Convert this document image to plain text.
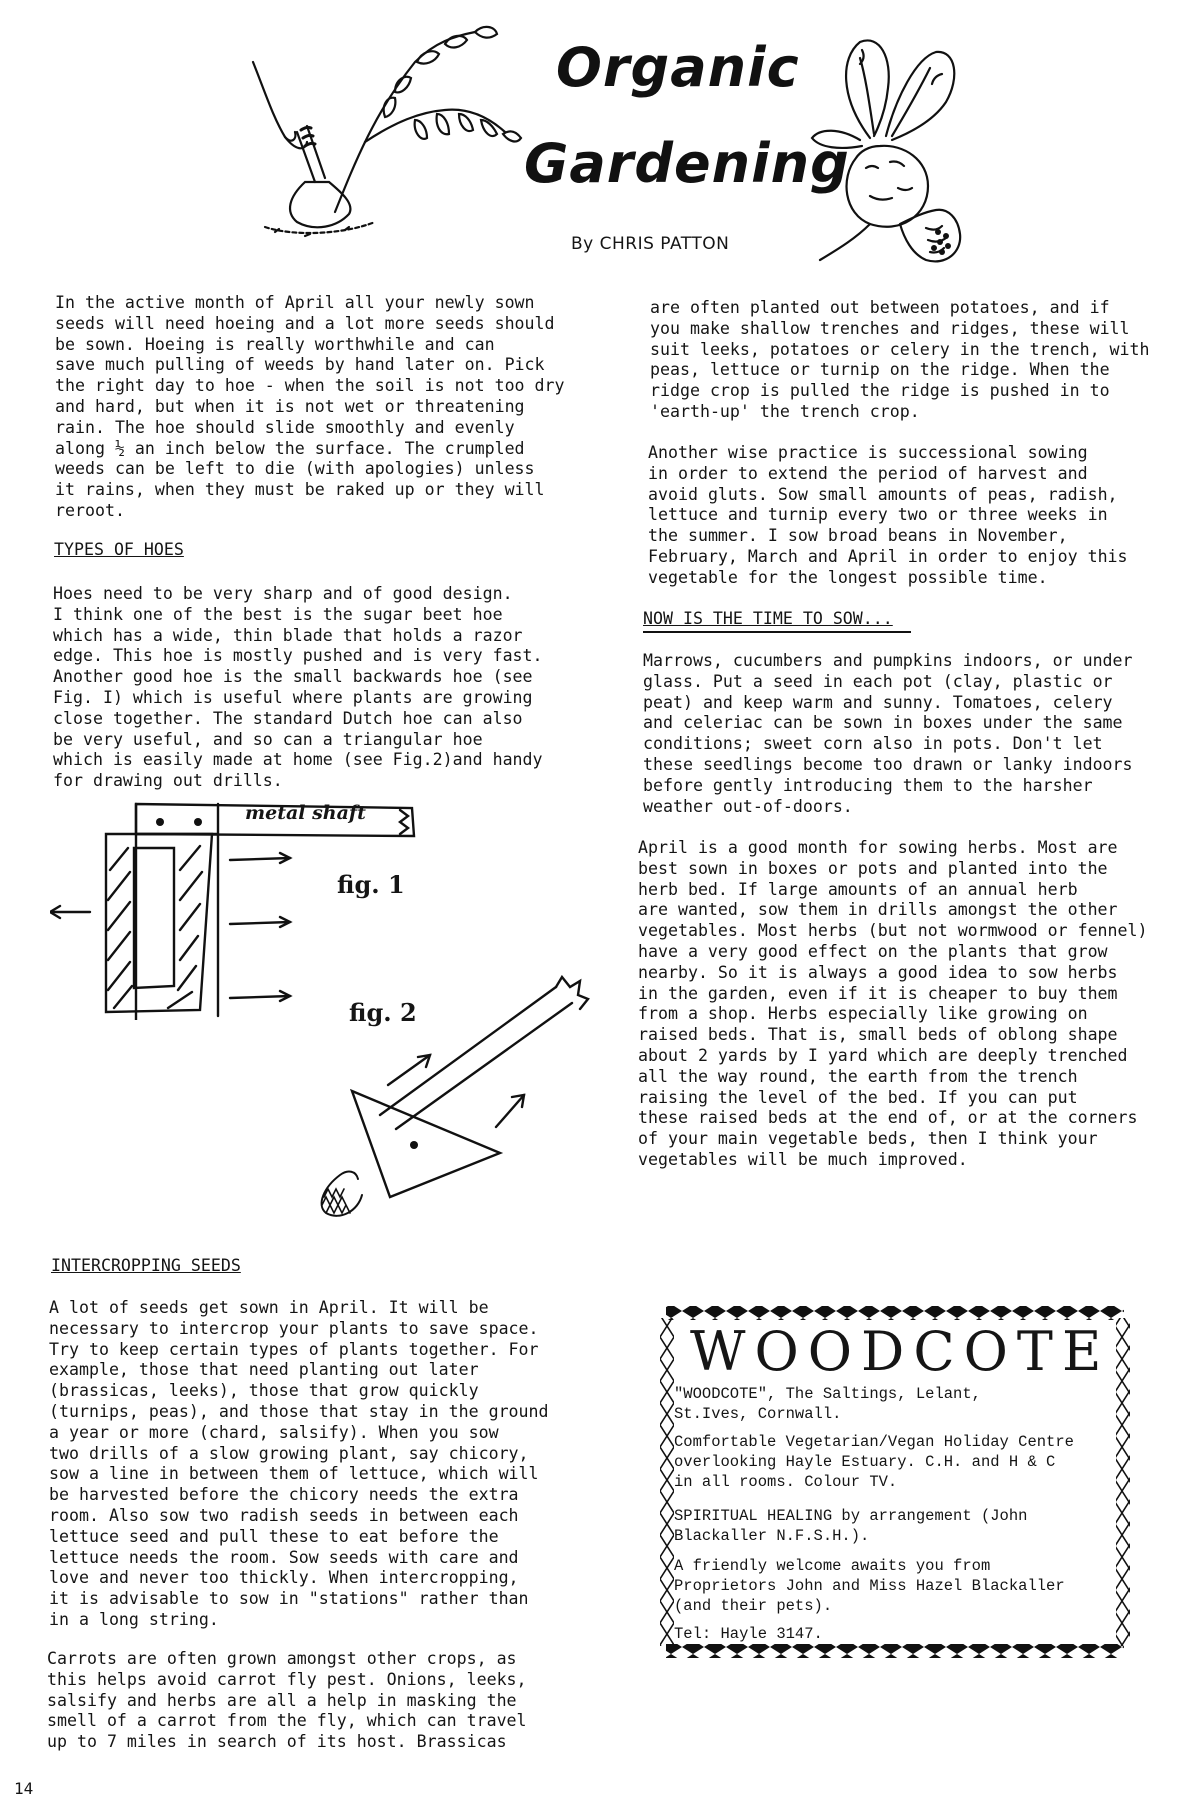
Organic
Gardening
By CHRIS PATTON
In the active month of April all your newly sown
seeds will need hoeing and a lot more seeds should
be sown. Hoeing is really worthwhile and can
save much pulling of weeds by hand later on. Pick
the right day to hoe - when the soil is not too dry
and hard, but when it is not wet or threatening
rain. The hoe should slide smoothly and evenly
along ½ an inch below the surface. The crumpled
weeds can be left to die (with apologies) unless
it rains, when they must be raked up or they will
reroot.
TYPES OF HOES
Hoes need to be very sharp and of good design.
I think one of the best is the sugar beet hoe
which has a wide, thin blade that holds a razor
edge. This hoe is mostly pushed and is very fast.
Another good hoe is the small backwards hoe (see
Fig. I) which is useful where plants are growing
close together. The standard Dutch hoe can also
be very useful, and so can a triangular hoe
which is easily made at home (see Fig.2)and handy
for drawing out drills.
metal shaft
fig. 1
fig. 2
INTERCROPPING SEEDS
A lot of seeds get sown in April. It will be
necessary to intercrop your plants to save space.
Try to keep certain types of plants together. For
example, those that need planting out later
(brassicas, leeks), those that grow quickly
(turnips, peas), and those that stay in the ground
a year or more (chard, salsify). When you sow
two drills of a slow growing plant, say chicory,
sow a line in between them of lettuce, which will
be harvested before the chicory needs the extra
room. Also sow two radish seeds in between each
lettuce seed and pull these to eat before the
lettuce needs the room. Sow seeds with care and
love and never too thickly. When intercropping,
it is advisable to sow in "stations" rather than
in a long string.
Carrots are often grown amongst other crops, as
this helps avoid carrot fly pest. Onions, leeks,
salsify and herbs are all a help in masking the
smell of a carrot from the fly, which can travel
up to 7 miles in search of its host. Brassicas
are often planted out between potatoes, and if
you make shallow trenches and ridges, these will
suit leeks, potatoes or celery in the trench, with
peas, lettuce or turnip on the ridge. When the
ridge crop is pulled the ridge is pushed in to
'earth-up' the trench crop.
Another wise practice is successional sowing
in order to extend the period of harvest and
avoid gluts. Sow small amounts of peas, radish,
lettuce and turnip every two or three weeks in
the summer. I sow broad beans in November,
February, March and April in order to enjoy this
vegetable for the longest possible time.
NOW IS THE TIME TO SOW...
Marrows, cucumbers and pumpkins indoors, or under
glass. Put a seed in each pot (clay, plastic or
peat) and keep warm and sunny. Tomatoes, celery
and celeriac can be sown in boxes under the same
conditions; sweet corn also in pots. Don't let
these seedlings become too drawn or lanky indoors
before gently introducing them to the harsher
weather out-of-doors.
April is a good month for sowing herbs. Most are
best sown in boxes or pots and planted into the
herb bed. If large amounts of an annual herb
are wanted, sow them in drills amongst the other
vegetables. Most herbs (but not wormwood or fennel)
have a very good effect on the plants that grow
nearby. So it is always a good idea to sow herbs
in the garden, even if it is cheaper to buy them
from a shop. Herbs especially like growing on
raised beds. That is, small beds of oblong shape
about 2 yards by I yard which are deeply trenched
all the way round, the earth from the trench
raising the level of the bed. If you can put
these raised beds at the end of, or at the corners
of your main vegetable beds, then I think your
vegetables will be much improved.
WOODCOTE
"WOODCOTE", The Saltings, Lelant,
St.Ives, Cornwall.
Comfortable Vegetarian/Vegan Holiday Centre
overlooking Hayle Estuary. C.H. and H & C
in all rooms. Colour TV.
SPIRITUAL HEALING by arrangement (John
Blackaller N.F.S.H.).
A friendly welcome awaits you from
Proprietors John and Miss Hazel Blackaller
(and their pets).
Tel: Hayle 3147.
14
